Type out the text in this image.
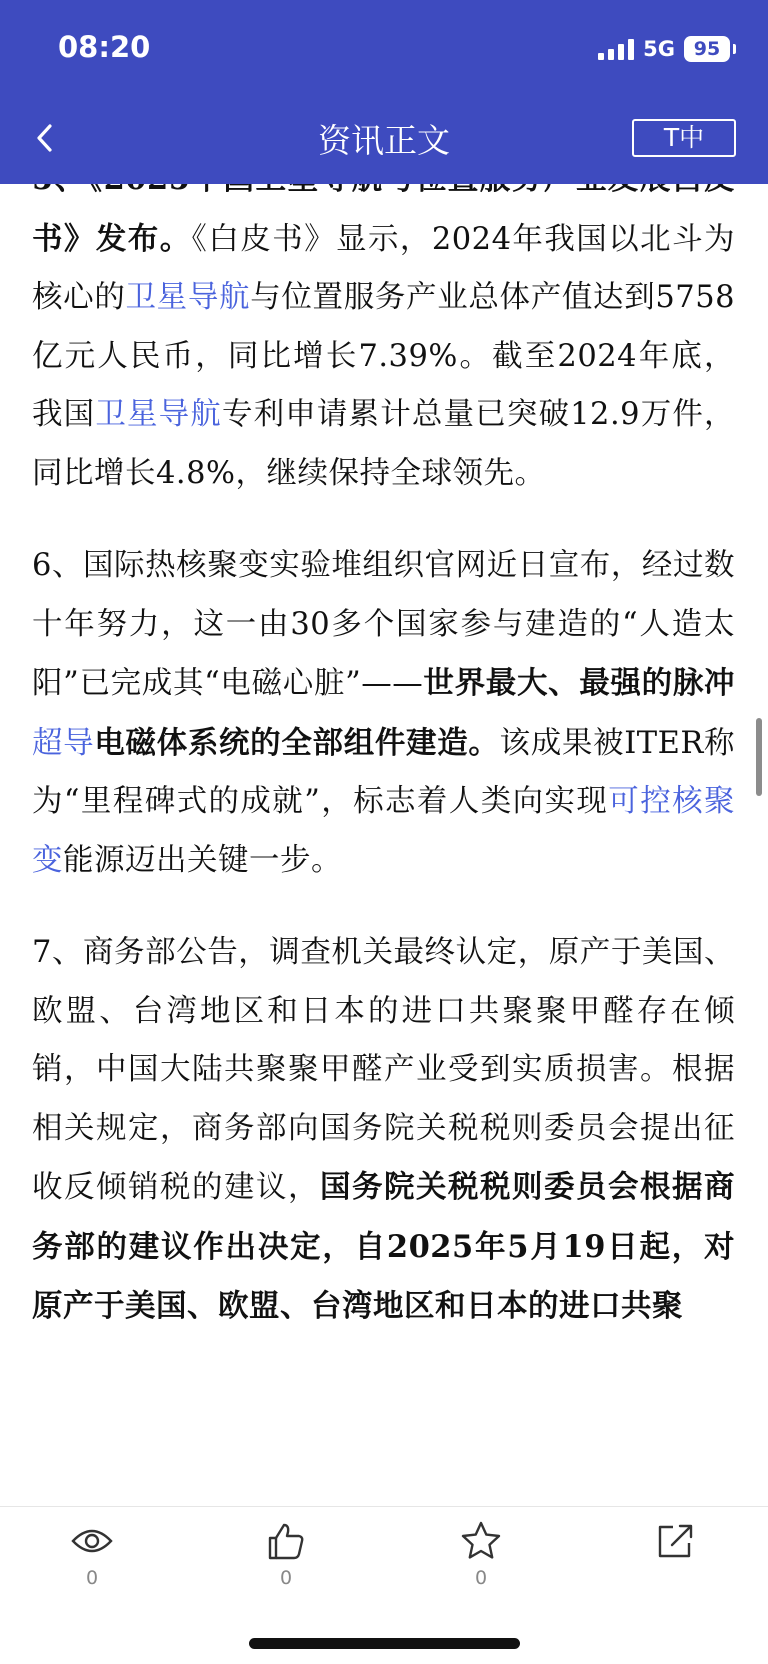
书》发布。《白皮书》显示，2024年我国以北斗为核心的卫星导航与位置服务产业总体产值达到5758亿元人民币，同比增长7.39%。截至2024年底，我国卫星导航专利申请累计总量已突破12.9万件，同比增长4.8%，继续保持全球领先。

6、国际热核聚变实验堆组织官网近日宣布，经过数十年努力，这一由30多个国家参与建造的“人造太阳”已完成其“电磁心脏”——世界最大、最强的脉冲超导电磁体系统的全部组件建造。该成果被ITER称为“里程碑式的成就”，标志着人类向实现可控核聚变能源迈出关键一步。

7、商务部公告，调查机关最终认定，原产于美国、欧盟、台湾地区和日本的进口共聚聚甲醛存在倾销，中国大陆共聚聚甲醛产业受到实质损害。根据相关规定，商务部向国务院关税税则委员会提出征收反倾销税的建议，国务院关税税则委员会根据商务部的建议作出决定，自2025年5月19日起，对原产于美国、欧盟、台湾地区和日本的进口共聚

08:20	5G 95
资讯正文	T中
0	0	0
